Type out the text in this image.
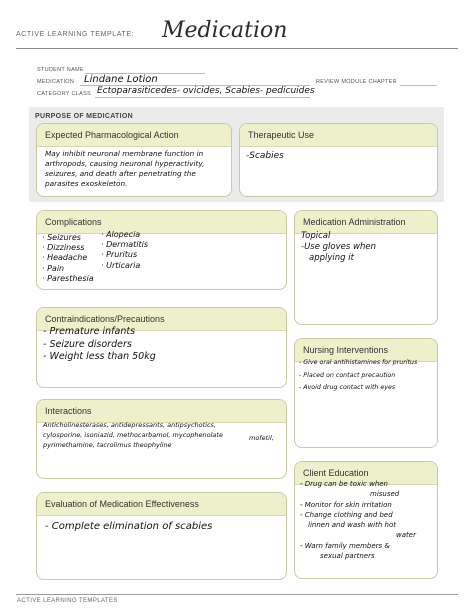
ACTIVE LEARNING TEMPLATE: Medication
STUDENT NAME
MEDICATION Lindane Lotion	REVIEW MODULE CHAPTER
CATEGORY CLASS Ectoparasiticedes- ovicides, Scabies- pedicuides
PURPOSE OF MEDICATION
Expected Pharmacological Action
May inhibit neuronal membrane function in
arthropods, causing neuronal hyperactivity,
seizures, and death after penetrating the
parasites exoskeleton.
Therapeutic Use
-Scabies
Complications
· Seizures
· Dizziness
· Headache
· Pain
· Paresthesia
· Alopecia
· Dermatitis
· Pruritus
· Urticaria
Medication Administration
Topical
-Use gloves when
applying it
Contraindications/Precautions
- Premature infants
- Seizure disorders
- Weight less than 50kg
Nursing Interventions
- Give oral antihistamines for pruritus
- Placed on contact precaution
- Avoid drug contact with eyes
Interactions
Anticholinesterases, antidepressants, antipsychotics,
cylosporine, isoniazid, methocarbamol, mycophenolate
pyrimethamine, tacrolimus theophyline
mofetil,
Client Education
- Drug can be toxic when
misused
- Monitor for skin irritation
- Change clothing and bed
linnen and wash with hot
water
- Warn family members &
sexual partners
Evaluation of Medication Effectiveness
- Complete elimination of scabies
ACTIVE LEARNING TEMPLATES
